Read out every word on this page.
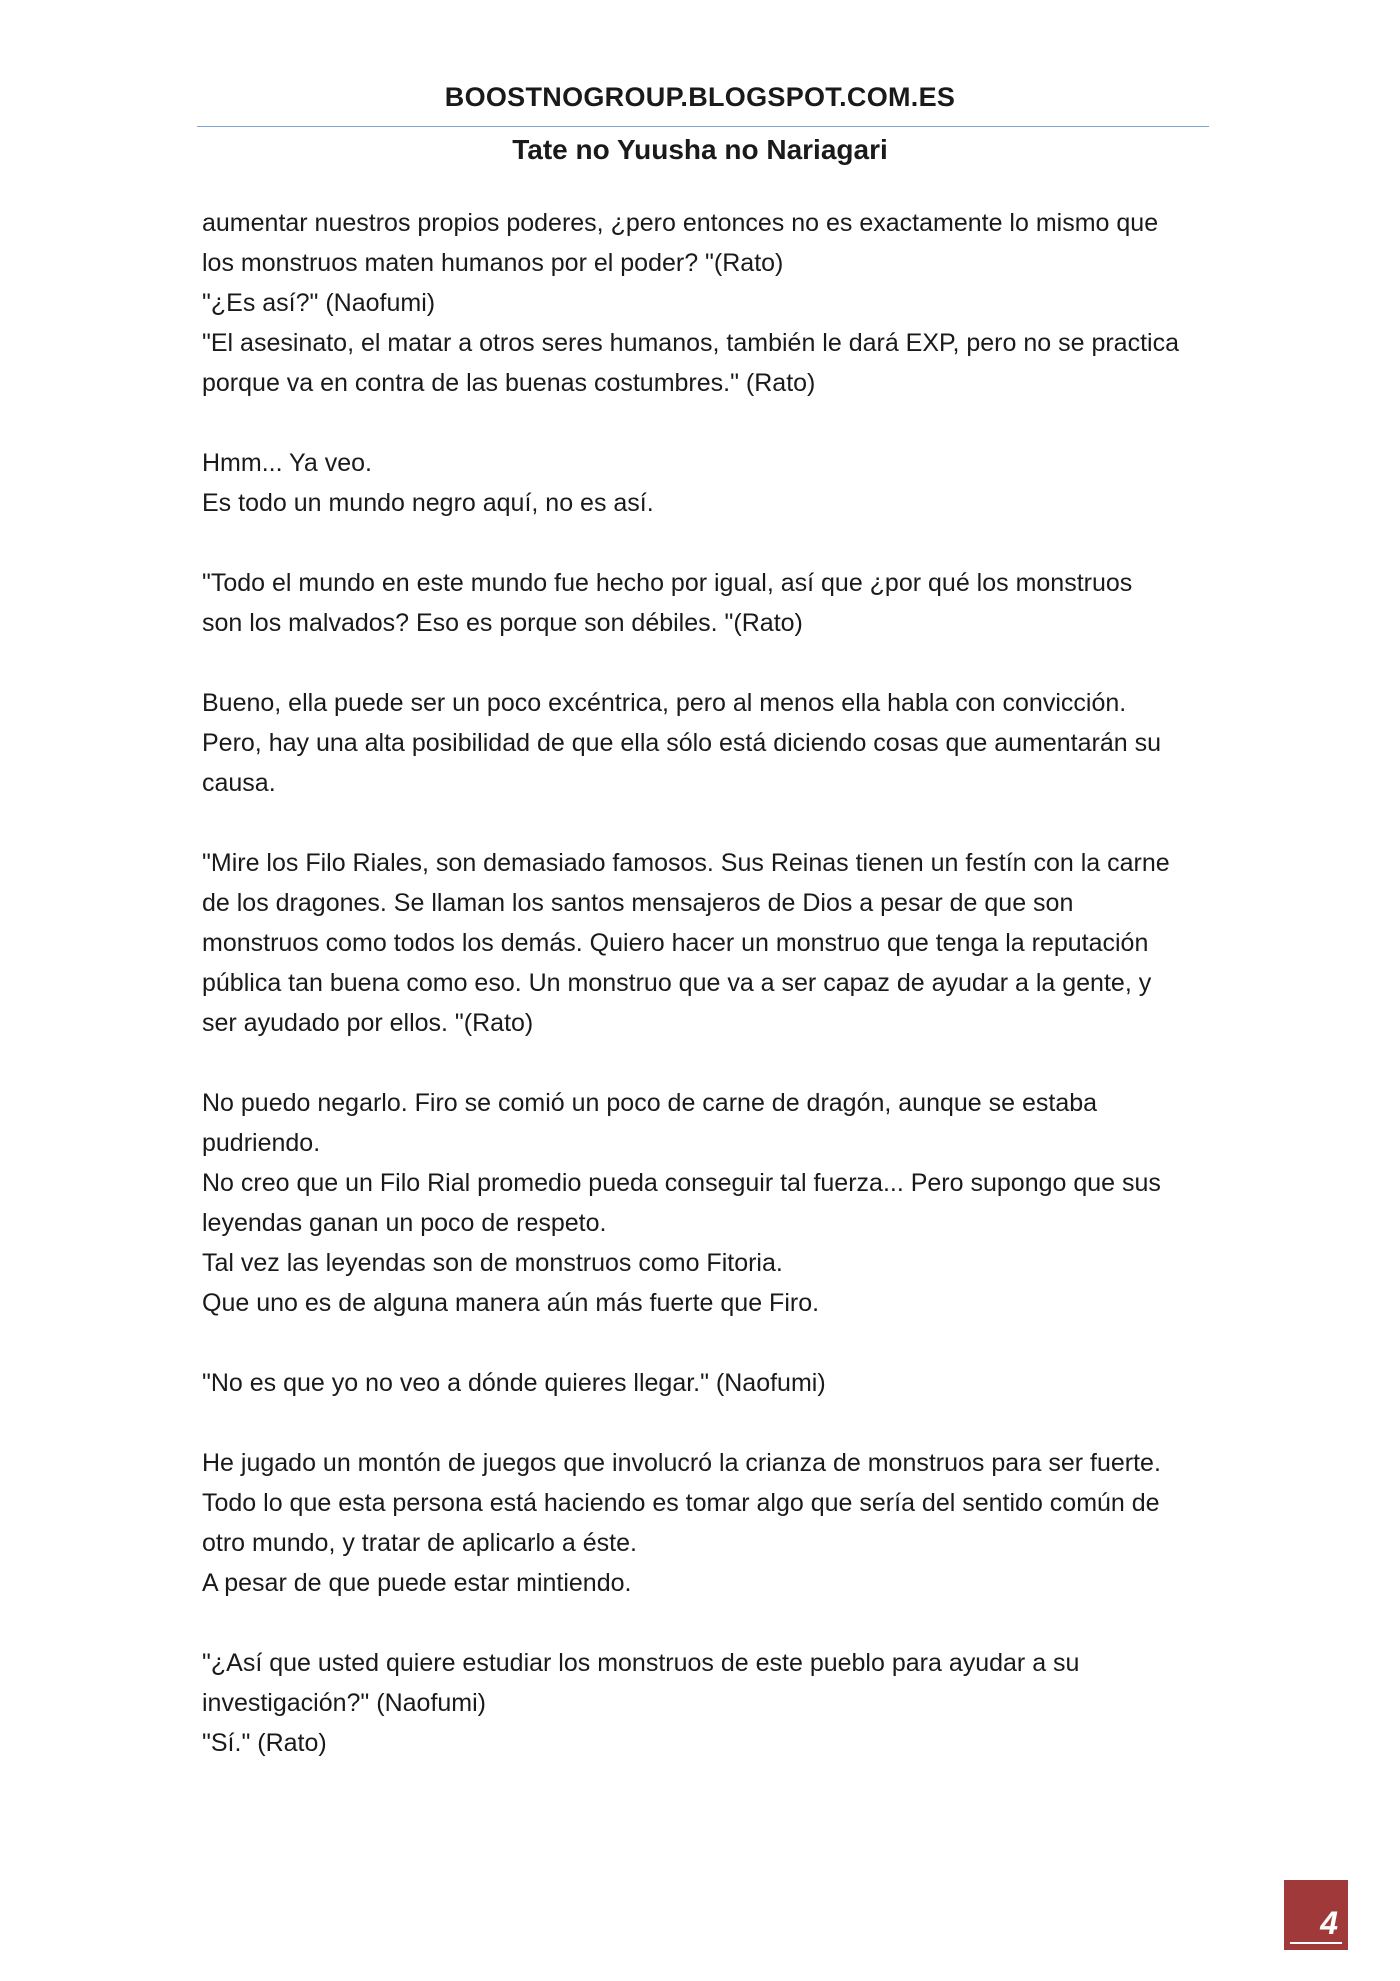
BOOSTNOGROUP.BLOGSPOT.COM.ES
Tate no Yuusha no Nariagari

aumentar nuestros propios poderes, ¿pero entonces no es exactamente lo mismo que
los monstruos maten humanos por el poder? "(Rato)
"¿Es así?" (Naofumi)
"El asesinato, el matar a otros seres humanos, también le dará EXP, pero no se practica
porque va en contra de las buenas costumbres." (Rato)

Hmm... Ya veo.
Es todo un mundo negro aquí, no es así.

"Todo el mundo en este mundo fue hecho por igual, así que ¿por qué los monstruos
son los malvados? Eso es porque son débiles. "(Rato)

Bueno, ella puede ser un poco excéntrica, pero al menos ella habla con convicción.
Pero, hay una alta posibilidad de que ella sólo está diciendo cosas que aumentarán su
causa.

"Mire los Filo Riales, son demasiado famosos. Sus Reinas tienen un festín con la carne
de los dragones. Se llaman los santos mensajeros de Dios a pesar de que son
monstruos como todos los demás. Quiero hacer un monstruo que tenga la reputación
pública tan buena como eso. Un monstruo que va a ser capaz de ayudar a la gente, y
ser ayudado por ellos. "(Rato)

No puedo negarlo. Firo se comió un poco de carne de dragón, aunque se estaba
pudriendo.
No creo que un Filo Rial promedio pueda conseguir tal fuerza... Pero supongo que sus
leyendas ganan un poco de respeto.
Tal vez las leyendas son de monstruos como Fitoria.
Que uno es de alguna manera aún más fuerte que Firo.

"No es que yo no veo a dónde quieres llegar." (Naofumi)

He jugado un montón de juegos que involucró la crianza de monstruos para ser fuerte.
Todo lo que esta persona está haciendo es tomar algo que sería del sentido común de
otro mundo, y tratar de aplicarlo a éste.
A pesar de que puede estar mintiendo.

"¿Así que usted quiere estudiar los monstruos de este pueblo para ayudar a su
investigación?" (Naofumi)
"Sí." (Rato)

4
